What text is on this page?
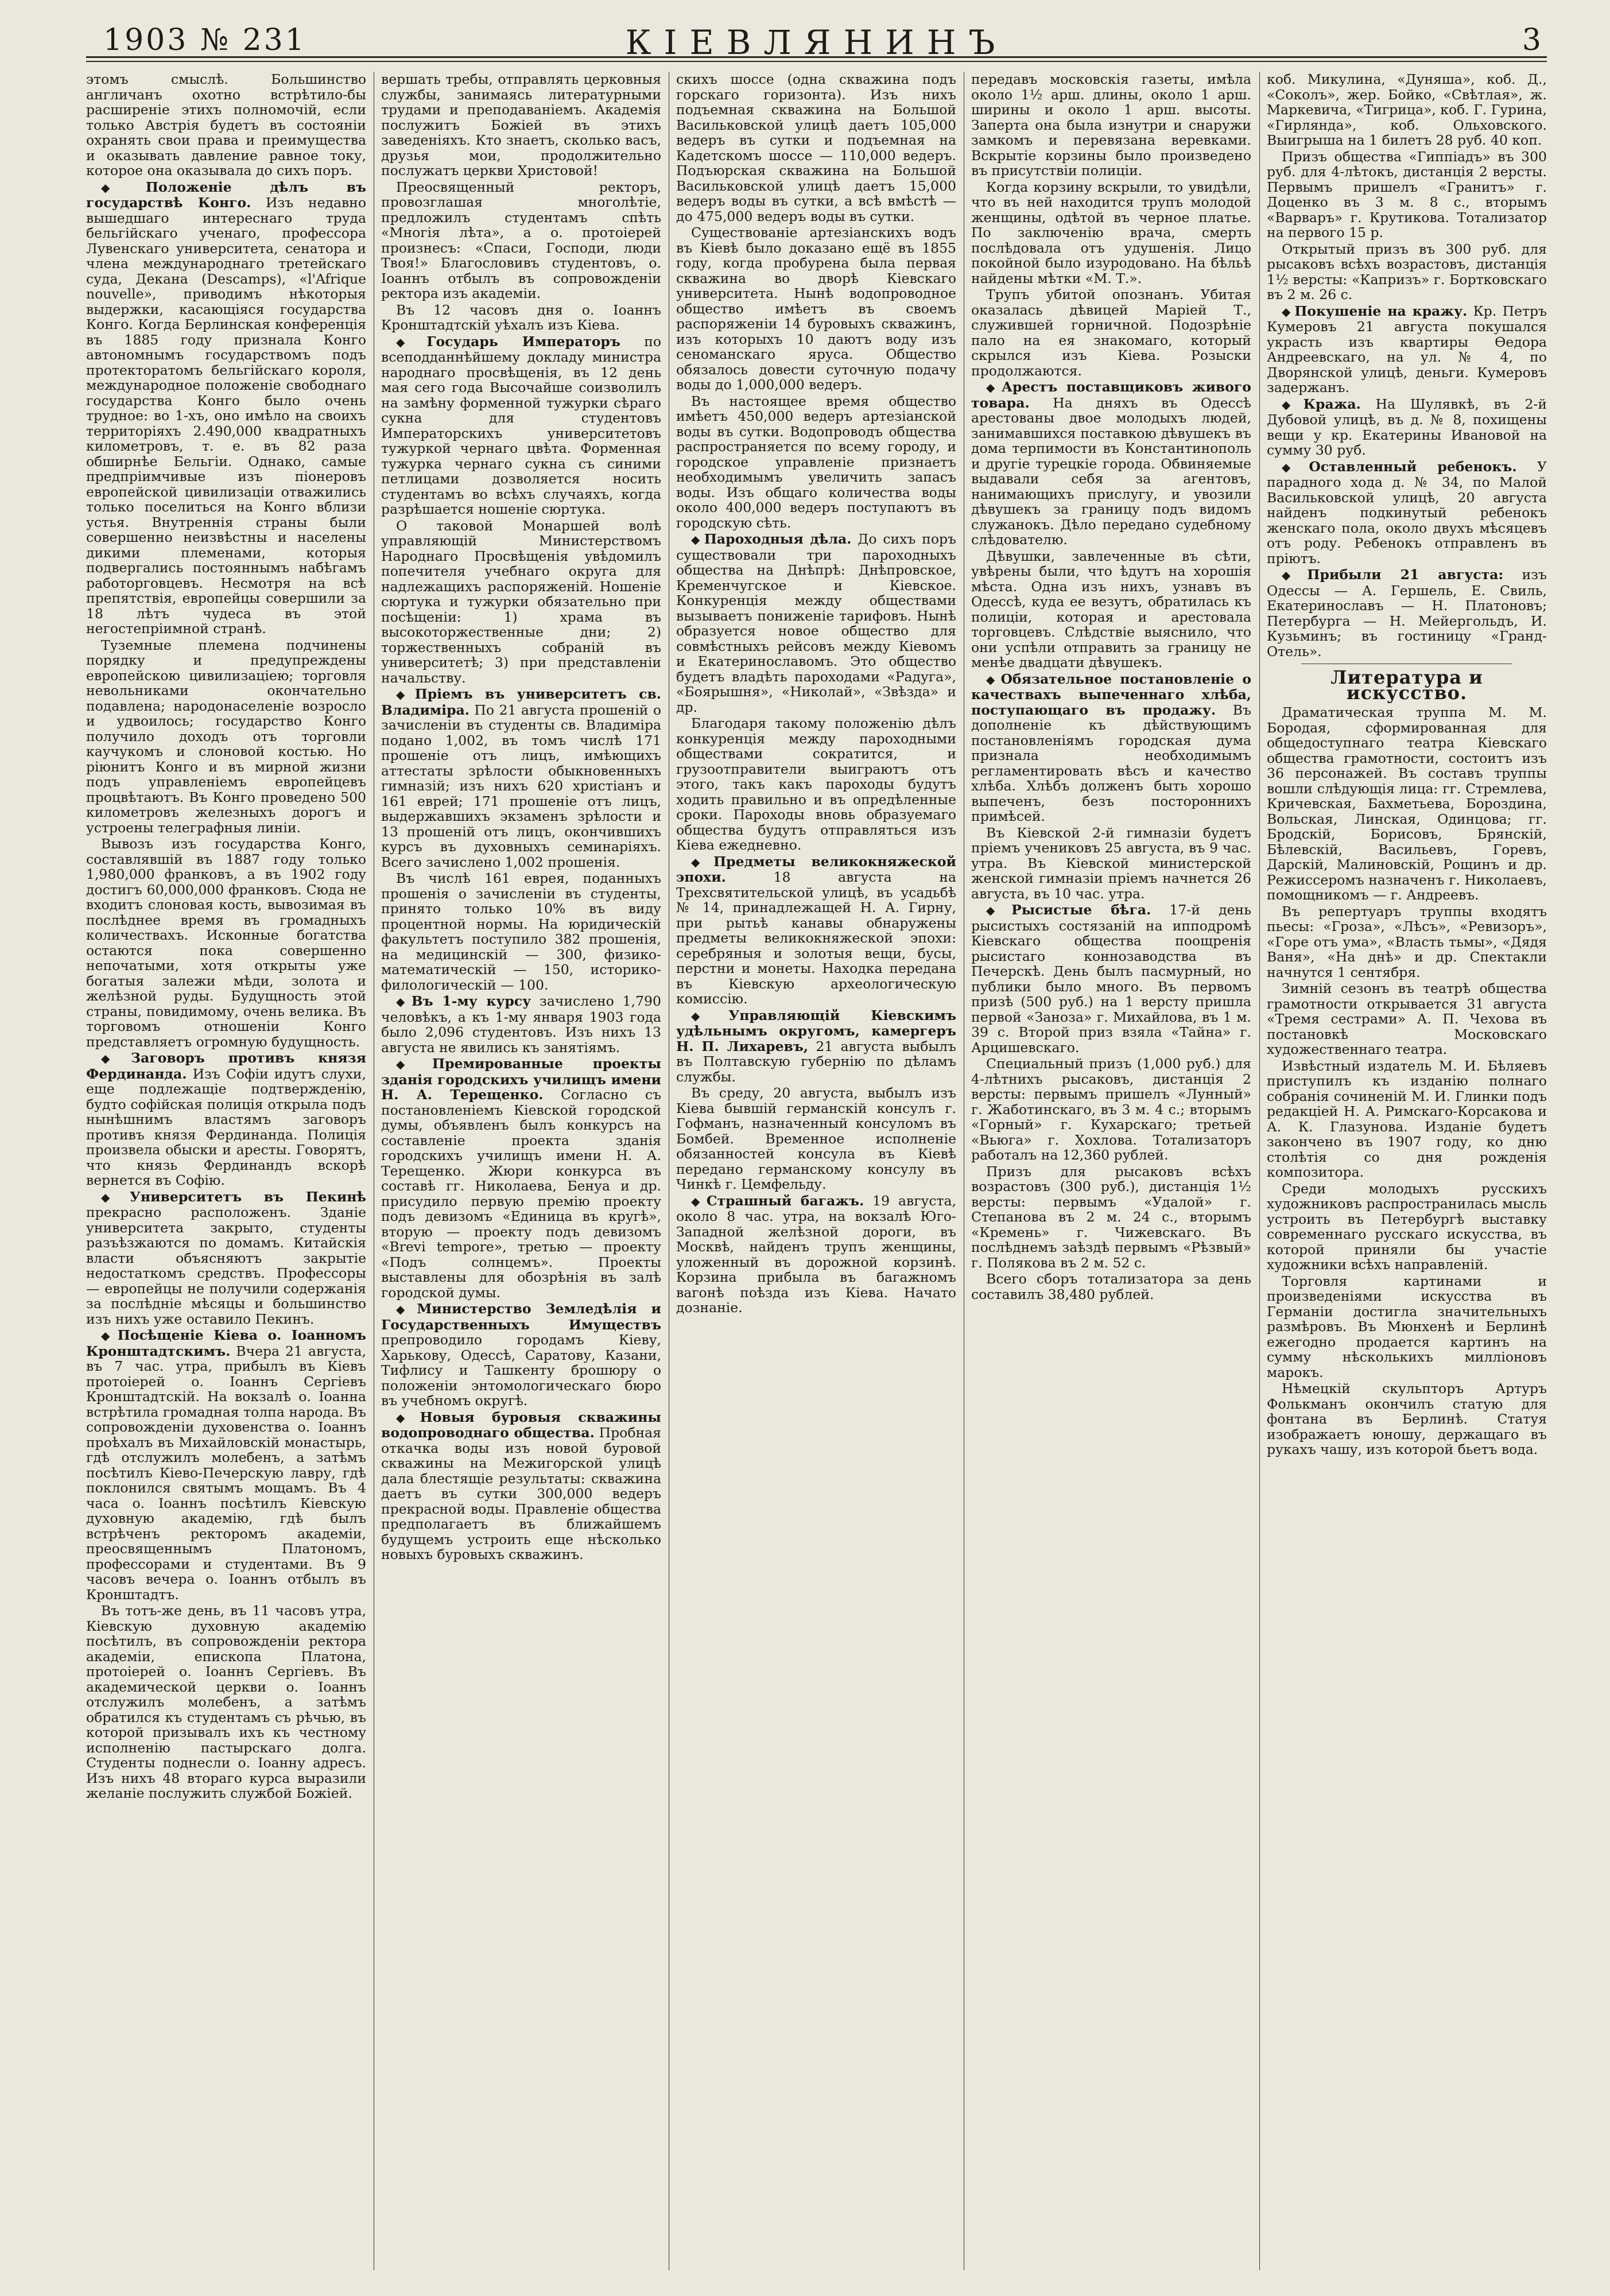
1903 № 231	КІЕВЛЯНИНЪ	3

этомъ смыслѣ. Большинство англичанъ охотно встрѣтило-бы расширеніе этихъ полномочій, если только Австрія будетъ въ состояніи охранять свои права и преимущества и оказывать давление равное току, которое она оказывала до сихъ поръ.

◆ Положеніе дѣлъ въ государствѣ Конго. Изъ недавно вышедшаго интереснаго труда бельгійскаго ученаго, профессора Лувенскаго университета, сенатора и члена международнаго третейскаго суда, Декана (Descamps), «l'Afrique nouvelle», приводимъ нѣкоторыя выдержки, касающіяся государства Конго. Когда Берлинская конференція въ 1885 году признала Конго автономнымъ государствомъ подъ протекторатомъ бельгійскаго короля, международное положеніе свободнаго государства Конго было очень трудное: во 1-хъ, оно имѣло на своихъ территоріяхъ 2.490,000 квадратныхъ километровъ, т. е. въ 82 раза обширнѣе Бельгіи. Однако, самые предпріимчивые изъ піонеровъ европейской цивилизаціи отважились только поселиться на Конго вблизи устья. Внутреннія страны были совершенно неизвѣстны и населены дикими племенами, которыя подвергались постояннымъ набѣгамъ работорговцевъ. Несмотря на всѣ препятствія, европейцы совершили за 18 лѣтъ чудеса въ этой негостепріимной странѣ.

Туземные племена подчинены порядку и предупреждены европейскою цивилизаціею; торговля невольниками окончательно подавлена; народонаселеніе возросло и удвоилось; государство Конго получило доходъ отъ торговли каучукомъ и слоновой костью. Но ріюнитъ Конго и въ мирной жизни подъ управленіемъ европейцевъ процвѣтаютъ. Въ Конго проведено 500 километровъ железныхъ дорогъ и устроены телеграфныя линіи.

Вывозъ изъ государства Конго, составлявшій въ 1887 году только 1,980,000 франковъ, а въ 1902 году достигъ 60,000,000 франковъ. Сюда не входитъ слоновая кость, вывозимая въ послѣднее время въ громадныхъ количествахъ. Исконные богатства остаются пока совершенно непочатыми, хотя открыты уже богатыя залежи мѣди, золота и желѣзной руды. Будущность этой страны, повидимому, очень велика. Въ торговомъ отношеніи Конго представляетъ огромную будущность.

◆ Заговоръ противъ князя Фердинанда. Изъ Софіи идутъ слухи, еще подлежащіе подтвержденію, будто софійская полиція открыла подъ нынѣшнимъ властямъ заговоръ противъ князя Фердинанда. Полиція произвела обыски и аресты. Говорятъ, что князь Фердинандъ вскорѣ вернется въ Софію.

◆ Университетъ въ Пекинѣ прекрасно расположенъ. Зданіе университета закрыто, студенты разъѣзжаются по домамъ. Китайскія власти объясняютъ закрытіе недостаткомъ средствъ. Профессоры — европейцы не получили содержанія за послѣдніе мѣсяцы и большинство изъ нихъ уже оставило Пекинъ.

◆ Посѣщеніе Кіева о. Іоанномъ Кронштадтскимъ. Вчера 21 августа, въ 7 час. утра, прибылъ въ Кіевъ протоіерей о. Іоаннъ Сергіевъ Кронштадтскій. На вокзалѣ о. Іоанна встрѣтила громадная толпа народа. Въ сопровожденіи духовенства о. Іоаннъ проѣхалъ въ Михайловскій монастырь, гдѣ отслужилъ молебенъ, а затѣмъ посѣтилъ Кіево-Печерскую лавру, гдѣ поклонился святымъ мощамъ. Въ 4 часа о. Іоаннъ посѣтилъ Кіевскую духовную академію, гдѣ былъ встрѣченъ ректоромъ академіи, преосвященнымъ Платономъ, профессорами и студентами. Въ 9 часовъ вечера о. Іоаннъ отбылъ въ Кронштадтъ.

Въ тотъ-же день, въ 11 часовъ утра, Кіевскую духовную академію посѣтилъ, въ сопровожденіи ректора академіи, епископа Платона, протоіерей о. Іоаннъ Сергіевъ. Въ академической церкви о. Іоаннъ отслужилъ молебенъ, а затѣмъ обратился къ студентамъ съ рѣчью, въ которой призывалъ ихъ къ честному исполненію пастырскаго долга. Студенты поднесли о. Іоанну адресъ. Изъ нихъ 48 втораго курса выразили желаніе послужить службой Божіей.

вершать требы, отправлять церковныя службы, занимаясь литературными трудами и преподаваніемъ. Академія послужитъ Божіей въ этихъ заведеніяхъ. Кто знаетъ, сколько васъ, друзья мои, продолжительно послужатъ церкви Христовой!

Преосвященный ректоръ, провозглашая многолѣтіе, предложилъ студентамъ спѣть «Многія лѣта», а о. протоіерей произнесъ: «Спаси, Господи, люди Твоя!» Благословивъ студентовъ, о. Іоаннъ отбылъ въ сопровожденіи ректора изъ академіи.

Въ 12 часовъ дня о. Іоаннъ Кронштадтскій уѣхалъ изъ Кіева.

◆ Государь Императоръ по всеподданнѣйшему докладу министра народнаго просвѣщенія, въ 12 день мая сего года Высочайше соизволилъ на замѣну форменной тужурки сѣраго сукна для студентовъ Императорскихъ университетовъ тужуркой чернаго цвѣта. Форменная тужурка чернаго сукна съ синими петлицами дозволяется носить студентамъ во всѣхъ случаяхъ, когда разрѣшается ношеніе сюртука.

О таковой Монаршей волѣ управляющій Министерствомъ Народнаго Просвѣщенія увѣдомилъ попечителя учебнаго округа для надлежащихъ распоряженій. Ношеніе сюртука и тужурки обязательно при посѣщеніи: 1) храма въ высокоторжественные дни; 2) торжественныхъ собраній въ университетѣ; 3) при представленіи начальству.

◆ Пріемъ въ университетъ св. Владиміра. По 21 августа прошеній о зачисленіи въ студенты св. Владиміра подано 1,002, въ томъ числѣ 171 прошеніе отъ лицъ, имѣющихъ аттестаты зрѣлости обыкновенныхъ гимназій; изъ нихъ 620 христіанъ и 161 еврей; 171 прошеніе отъ лицъ, выдержавшихъ экзаменъ зрѣлости и 13 прошеній отъ лицъ, окончившихъ курсъ въ духовныхъ семинаріяхъ. Всего зачислено 1,002 прошенія.

Въ числѣ 161 еврея, поданныхъ прошенія о зачисленіи въ студенты, принято только 10% въ виду процентной нормы. На юридическій факультетъ поступило 382 прошенія, на медицинскій — 300, физико-математическій — 150, историко-филологическій — 100.

◆ Въ 1-му курсу зачислено 1,790 человѣкъ, а къ 1-му января 1903 года было 2,096 студентовъ. Изъ нихъ 13 августа не явились къ занятіямъ.

◆ Премированные проекты зданія городскихъ училищъ имени Н. А. Терещенко. Согласно съ постановленіемъ Кіевской городской думы, объявленъ былъ конкурсъ на составленіе проекта зданія городскихъ училищъ имени Н. А. Терещенко. Жюри конкурса въ составѣ гг. Николаева, Бенуа и др. присудило первую премію проекту подъ девизомъ «Единица въ кругѣ», вторую — проекту подъ девизомъ «Brevi tempore», третью — проекту «Подъ солнцемъ». Проекты выставлены для обозрѣнія въ залѣ городской думы.

◆ Министерство Земледѣлія и Государственныхъ Имуществъ препроводило городамъ Кіеву, Харькову, Одессѣ, Саратову, Казани, Тифлису и Ташкенту брошюру о положеніи энтомологическаго бюро въ учебномъ округѣ.

◆ Новыя буровыя скважины водопроводнаго общества. Пробная откачка воды изъ новой буровой скважины на Межигорской улицѣ дала блестящіе результаты: скважина даетъ въ сутки 300,000 ведеръ прекрасной воды. Правленіе общества предполагаетъ въ ближайшемъ будущемъ устроить еще нѣсколько новыхъ буровыхъ скважинъ.

скихъ шоссе (одна скважина подъ горскаго горизонта). Изъ нихъ подъемная скважина на Большой Васильковской улицѣ даетъ 105,000 ведеръ въ сутки и подъемная на Кадетскомъ шоссе — 110,000 ведеръ. Подъюрская скважина на Большой Васильковской улицѣ даетъ 15,000 ведеръ воды въ сутки, а всѣ вмѣстѣ — до 475,000 ведеръ воды въ сутки.

Существованіе артезіанскихъ водъ въ Кіевѣ было доказано ещё въ 1855 году, когда пробурена была первая скважина во дворѣ Кіевскаго университета. Нынѣ водопроводное общество имѣетъ въ своемъ распоряженіи 14 буровыхъ скважинъ, изъ которыхъ 10 даютъ воду изъ сеноманскаго яруса. Общество обязалось довести суточную подачу воды до 1,000,000 ведеръ.

Въ настоящее время общество имѣетъ 450,000 ведеръ артезіанской воды въ сутки. Водопроводъ общества распространяется по всему городу, и городское управленіе признаетъ необходимымъ увеличить запасъ воды. Изъ общаго количества воды около 400,000 ведеръ поступаютъ въ городскую сѣть.

◆ Пароходныя дѣла. До сихъ поръ существовали три пароходныхъ общества на Днѣпрѣ: Днѣпровское, Кременчугское и Кіевское. Конкуренція между обществами вызываетъ пониженіе тарифовъ. Нынѣ образуется новое общество для совмѣстныхъ рейсовъ между Кіевомъ и Екатеринославомъ. Это общество будетъ владѣть пароходами «Радуга», «Боярышня», «Николай», «Звѣзда» и др.

Благодаря такому положенію дѣлъ конкуренція между пароходными обществами сократится, и грузоотправители выиграютъ отъ этого, такъ какъ пароходы будутъ ходить правильно и въ опредѣленные сроки. Пароходы вновь образуемаго общества будутъ отправляться изъ Кіева ежедневно.

◆ Предметы великокняжеской эпохи.	18 августа на Трехсвятительской улицѣ, въ усадьбѣ № 14, принадлежащей Н. А. Гирну, при рытьѣ канавы обнаружены предметы великокняжеской эпохи: серебряныя и золотыя вещи, бусы, перстни и монеты. Находка передана въ Кіевскую археологическую комиссію.

◆ Управляющій Кіевскимъ удѣльнымъ округомъ, камергеръ Н. П. Лихаревъ, 21 августа выбылъ въ Полтавскую губернію по дѣламъ службы.

Въ среду, 20 августа, выбылъ изъ Кіева бывшій германскій консулъ г. Гофманъ, назначенный консуломъ въ Бомбей. Временное исполненіе обязанностей консула въ Кіевѣ передано германскому консулу въ Чинкѣ г. Цемфельду.

◆ Страшный багажъ. 19 августа, около 8 час. утра, на вокзалѣ Юго-Западной желѣзной дороги, въ Москвѣ, найденъ трупъ женщины, уложенный въ дорожной корзинѣ. Корзина прибыла въ багажномъ вагонѣ поѣзда изъ Кіева. Начато дознаніе.

передавъ московскія газеты, имѣла около 1½ арш. длины, около 1 арш. ширины и около 1 арш. высоты. Заперта она была изнутри и снаружи замкомъ и перевязана веревками. Вскрытіе корзины было произведено въ присутствіи полиціи.

Когда корзину вскрыли, то увидѣли, что въ ней находится трупъ молодой женщины, одѣтой въ черное платье. По заключенію врача, смерть послѣдовала отъ удушенія. Лицо покойной было изуродовано. На бѣльѣ найдены мѣтки «М. Т.».

Трупъ убитой опознанъ. Убитая оказалась дѣвицей Маріей Т., служившей горничной. Подозрѣніе пало на ея знакомаго, который скрылся изъ Кіева. Розыски продолжаются.

◆ Арестъ поставщиковъ живого товара. На дняхъ въ Одессѣ арестованы двое молодыхъ людей, занимавшихся поставкою дѣвушекъ въ дома терпимости въ Константинополь и другіе турецкіе города. Обвиняемые выдавали себя за агентовъ, нанимающихъ прислугу, и увозили дѣвушекъ за границу подъ видомъ служанокъ. Дѣло передано судебному слѣдователю.

Дѣвушки, завлеченные въ сѣти, увѣрены были, что ѣдутъ на хорошія мѣста. Одна изъ нихъ, узнавъ въ Одессѣ, куда ее везутъ, обратилась къ полиціи, которая и арестовала торговцевъ. Слѣдствіе выяснило, что они успѣли отправить за границу не менѣе двадцати дѣвушекъ.

◆ Обязательное постановленіе о качествахъ выпеченнаго хлѣба, поступающаго въ продажу. Въ дополненіе къ дѣйствующимъ постановленіямъ городская дума признала необходимымъ регламентировать вѣсъ и качество хлѣба. Хлѣбъ долженъ быть хорошо выпеченъ, безъ постороннихъ примѣсей.

Въ Кіевской 2-й гимназіи будетъ пріемъ учениковъ 25 августа, въ 9 час. утра. Въ Кіевской министерской женской гимназіи пріемъ начнется 26 августа, въ 10 час. утра.

◆ Рысистые бѣга. 17-й день рысистыхъ состязаній на ипподромѣ Кіевскаго общества поощренія рысистаго коннозаводства въ Печерскѣ. День былъ пасмурный, но публики было много. Въ первомъ призѣ (500 руб.) на 1 версту пришла первой «Заноза» г. Михайлова, въ 1 м. 39 с. Второй приз взяла «Тайна» г. Арцишевскаго.

Специальный призъ (1,000 руб.) для 4-лѣтнихъ рысаковъ, дистанція 2 версты: первымъ пришелъ «Лунный» г. Жаботинскаго, въ 3 м. 4 с.; вторымъ «Горный» г. Кухарскаго; третьей «Вьюга» г. Хохлова. Тотализаторъ работалъ на 12,360 рублей.

Призъ для рысаковъ всѣхъ возрастовъ (300 руб.), дистанція 1½ версты: первымъ «Удалой» г. Степанова въ 2 м. 24 с., вторымъ «Кремень» г. Чижевскаго. Въ послѣднемъ заѣздѣ первымъ «Рѣзвый» г. Полякова въ 2 м. 52 с.

Всего сборъ тотализатора за день составилъ 38,480 рублей.

коб. Микулина, «Дуняша», коб. Д., «Соколъ», жер. Бойко, «Свѣтлая», ж. Маркевича, «Тигрица», коб. Г. Гурина, «Гирлянда», коб. Ольховского. Выигрыша на 1 билетъ 28 руб. 40 коп.

Призъ общества «Гиппіадъ» въ 300 руб. для 4-лѣтокъ, дистанція 2 версты. Первымъ пришелъ «Гранитъ» г. Доценко въ 3 м. 8 с., вторымъ «Варваръ» г. Крутикова. Тотализатор на первого 15 р.

Открытый призъ въ 300 руб. для рысаковъ всѣхъ возрастовъ, дистанція 1½ версты: «Капризъ» г. Бортковскаго въ 2 м. 26 с.

◆ Покушеніе на кражу. Кр. Петръ Кумеровъ 21 августа покушался украсть изъ квартиры Ѳедора Андреевскаго, на ул. № 4, по Дворянской улицѣ, деньги. Кумеровъ задержанъ.

◆ Кража. На Шулявкѣ, въ 2-й Дубовой улицѣ, въ д. № 8, похищены вещи у кр. Екатерины Ивановой на сумму 30 руб.

◆ Оставленный ребенокъ. У парадного хода д. № 34, по Малой Васильковской улицѣ, 20 августа найденъ подкинутый ребенокъ женскаго пола, около двухъ мѣсяцевъ отъ роду. Ребенокъ отправленъ въ пріютъ.

◆ Прибыли 21 августа: изъ Одессы — А. Гершель, Е. Свиль, Екатеринославъ — Н. Платоновъ; Петербурга — Н. Мейергольдъ, И. Кузьминъ; въ гостиницу «Гранд-Отель».

Литература и искусство.

Драматическая труппа М. М. Бородая, сформированная для общедоступнаго театра Кіевскаго общества грамотности, состоитъ изъ 36 персонажей. Въ составъ труппы вошли слѣдующія лица: гг. Стремлева, Кричевская, Бахметьева, Бороздина, Вольская, Линская, Одинцова; гг. Бродскій, Борисовъ, Брянскій, Бѣлевскій, Васильевъ, Горевъ, Дарскій, Малиновскій, Рощинъ и др. Режиссеромъ назначенъ г. Николаевъ, помощникомъ — г. Андреевъ.

Въ репертуаръ труппы входятъ пьесы: «Гроза», «Лѣсъ», «Ревизоръ», «Горе отъ ума», «Власть тьмы», «Дядя Ваня», «На днѣ» и др. Спектакли начнутся 1 сентября.

Зимній сезонъ въ театрѣ общества грамотности открывается 31 августа «Тремя сестрами» А. П. Чехова въ постановкѣ Московскаго художественнаго театра.

Извѣстный издатель М. И. Бѣляевъ приступилъ къ изданію полнаго собранія сочиненій М. И. Глинки подъ редакціей Н. А. Римскаго-Корсакова и А. К. Глазунова. Изданіе будетъ закончено въ 1907 году, ко дню столѣтія со дня рожденія композитора.

Среди молодыхъ русскихъ художниковъ распространилась мысль устроить въ Петербургѣ выставку современнаго русскаго искусства, въ которой приняли бы участіе художники всѣхъ направленій.

Торговля картинами и произведеніями искусства въ Германіи достигла значительныхъ размѣровъ. Въ Мюнхенѣ и Берлинѣ ежегодно продается картинъ на сумму нѣсколькихъ милліоновъ марокъ.

Нѣмецкій скульпторъ Артуръ Фолькманъ окончилъ статую для фонтана въ Берлинѣ. Статуя изображаетъ юношу, держащаго въ рукахъ чашу, изъ которой бьетъ вода.
